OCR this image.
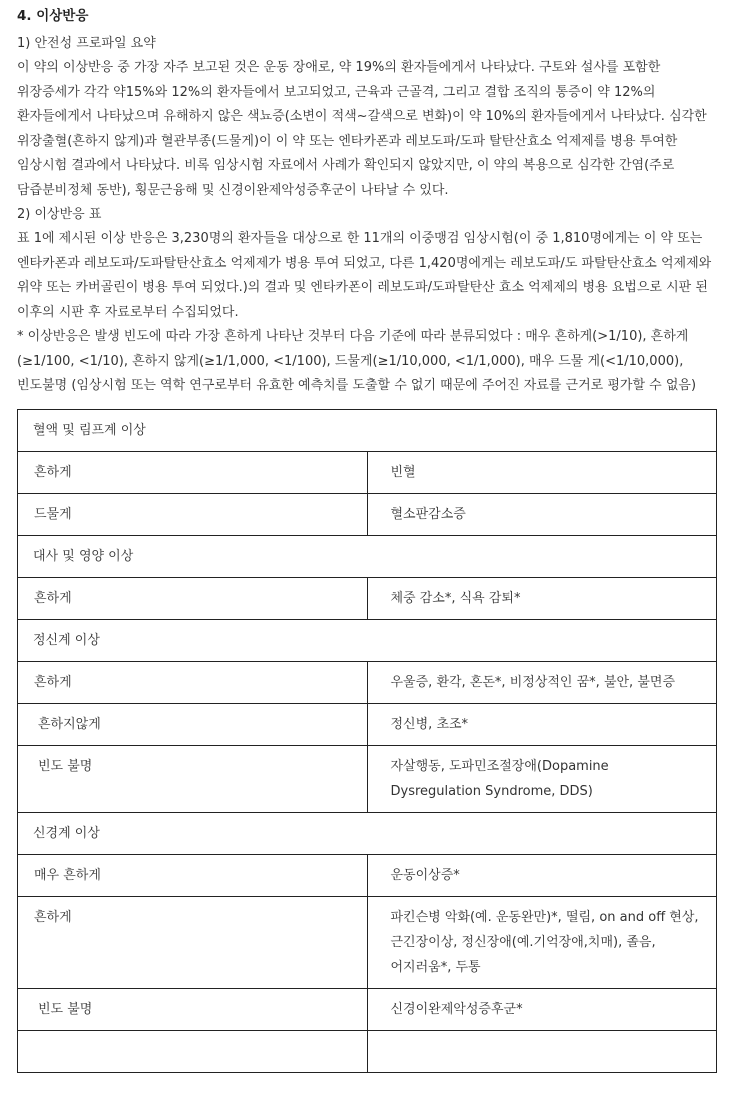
4. 이상반응

1) 안전성 프로파일 요약

이 약의 이상반응 중 가장 자주 보고된 것은 운동 장애로, 약 19%의 환자들에게서 나타났다. 구토와 설사를 포함한 위장증세가 각각 약15%와 12%의 환자들에서 보고되었고, 근육과 근골격, 그리고 결합 조직의 통증이 약 12%의 환자들에게서 나타났으며 유해하지 않은 색뇨증(소변이 적색~갈색으로 변화)이 약 10%의 환자들에게서 나타났다. 심각한 위장출혈(흔하지 않게)과 혈관부종(드물게)이 이 약 또는 엔타카폰과 레보도파/도파 탈탄산효소 억제제를 병용 투여한 임상시험 결과에서 나타났다. 비록 임상시험 자료에서 사례가 확인되지 않았지만, 이 약의 복용으로 심각한 간염(주로 담즙분비정체 동반), 횡문근융해 및 신경이완제악성증후군이 나타날 수 있다.

2) 이상반응 표

표 1에 제시된 이상 반응은 3,230명의 환자들을 대상으로 한 11개의 이중맹검 임상시험(이 중 1,810명에게는 이 약 또는 엔타카폰과 레보도파/도파탈탄산효소 억제제가 병용 투여 되었고, 다른 1,420명에게는 레보도파/도 파탈탄산효소 억제제와 위약 또는 카버골린이 병용 투여 되었다.)의 결과 및 엔타카폰이 레보도파/도파탈탄산 효소 억제제의 병용 요법으로 시판 된 이후의 시판 후 자료로부터 수집되었다.

* 이상반응은 발생 빈도에 따라 가장 흔하게 나타난 것부터 다음 기준에 따라 분류되었다 : 매우 흔하게(>1/10), 흔하게(≥1/100, <1/10), 흔하지 않게(≥1/1,000, <1/100), 드물게(≥1/10,000, <1/1,000), 매우 드물 게(<1/10,000), 빈도불명 (임상시험 또는 역학 연구로부터 유효한 예측치를 도출할 수 없기 때문에 주어진 자료를 근거로 평가할 수 없음)

혈액 및 림프계 이상	
흔하게	빈혈
드물게	혈소판감소증
대사 및 영양 이상	
흔하게	체중 감소*, 식욕 감퇴*
정신계 이상	
흔하게	우울증, 환각, 혼돈*, 비정상적인 꿈*, 불안, 불면증
흔하지않게	정신병, 초조*
빈도 불명	자살행동, 도파민조절장애(Dopamine Dysregulation Syndrome, DDS)
신경계 이상	
매우 흔하게	운동이상증*
흔하게	파킨슨병 악화(예. 운동완만)*, 떨림, on and off 현상, 근긴장이상, 정신장애(예.기억장애,치매), 졸음, 어지러움*, 두통
빈도 불명	신경이완제악성증후군*
